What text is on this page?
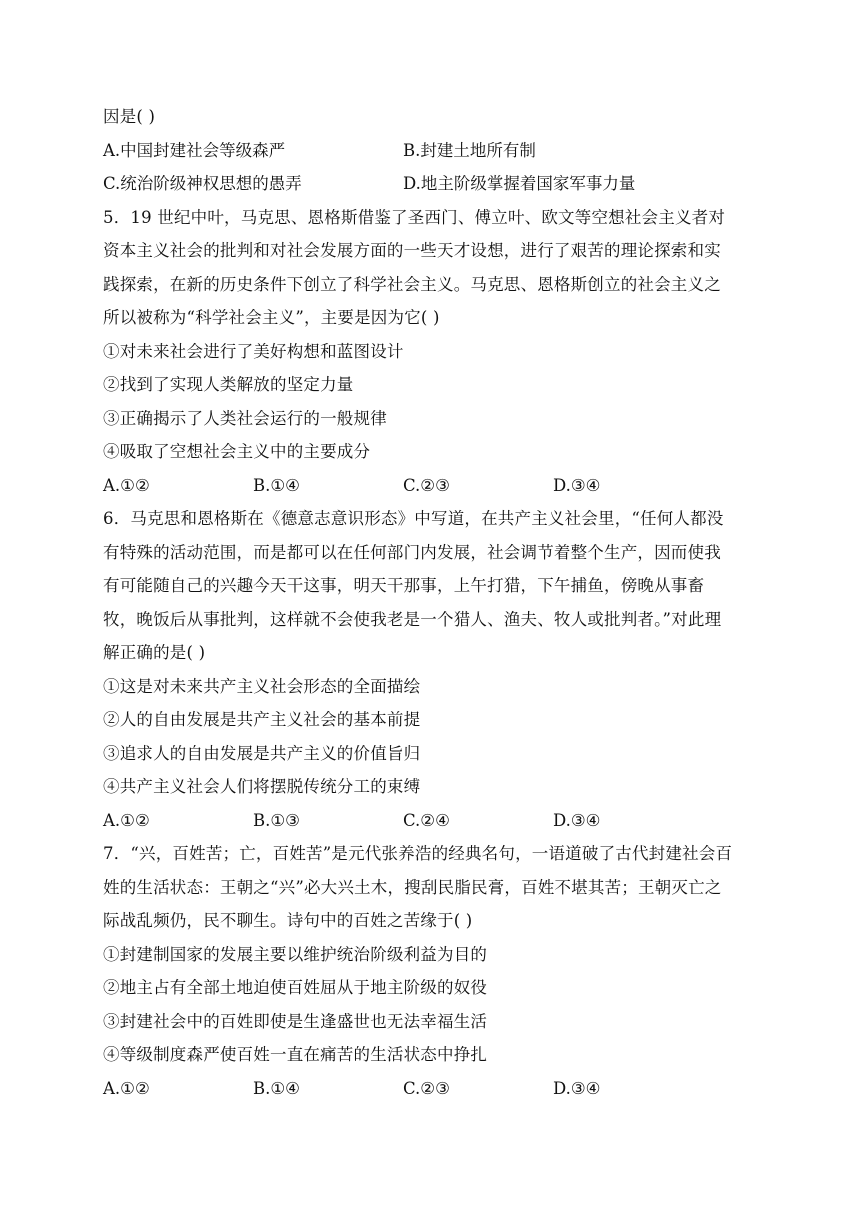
因是( )
A.中国封建社会等级森严	B.封建土地所有制
C.统治阶级神权思想的愚弄	D.地主阶级掌握着国家军事力量
5．19 世纪中叶，马克思、恩格斯借鉴了圣西门、傅立叶、欧文等空想社会主义者对
资本主义社会的批判和对社会发展方面的一些天才设想，进行了艰苦的理论探索和实
践探索，在新的历史条件下创立了科学社会主义。马克思、恩格斯创立的社会主义之
所以被称为“科学社会主义”，主要是因为它( )
①对未来社会进行了美好构想和蓝图设计
②找到了实现人类解放的坚定力量
③正确揭示了人类社会运行的一般规律
④吸取了空想社会主义中的主要成分
A.①②	B.①④	C.②③	D.③④
6．马克思和恩格斯在《德意志意识形态》中写道，在共产主义社会里，“任何人都没
有特殊的活动范围，而是都可以在任何部门内发展，社会调节着整个生产，因而使我
有可能随自己的兴趣今天干这事，明天干那事，上午打猎，下午捕鱼，傍晚从事畜
牧，晚饭后从事批判，这样就不会使我老是一个猎人、渔夫、牧人或批判者。”对此理
解正确的是( )
①这是对未来共产主义社会形态的全面描绘
②人的自由发展是共产主义社会的基本前提
③追求人的自由发展是共产主义的价值旨归
④共产主义社会人们将摆脱传统分工的束缚
A.①②	B.①③	C.②④	D.③④
7．“兴，百姓苦；亡，百姓苦”是元代张养浩的经典名句，一语道破了古代封建社会百
姓的生活状态：王朝之“兴”必大兴土木，搜刮民脂民膏，百姓不堪其苦；王朝灭亡之
际战乱频仍，民不聊生。诗句中的百姓之苦缘于( )
①封建制国家的发展主要以维护统治阶级利益为目的
②地主占有全部土地迫使百姓屈从于地主阶级的奴役
③封建社会中的百姓即使是生逢盛世也无法幸福生活
④等级制度森严使百姓一直在痛苦的生活状态中挣扎
A.①②	B.①④	C.②③	D.③④
